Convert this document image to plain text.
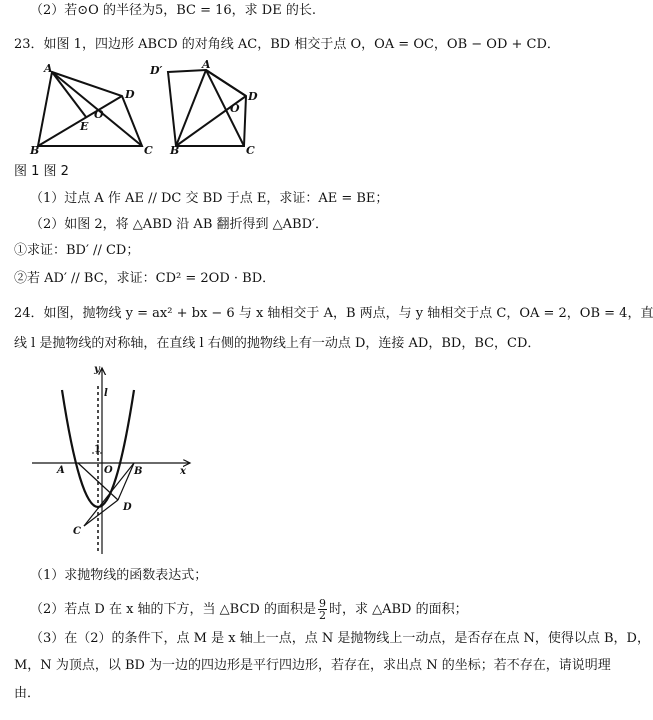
（2）若⊙O 的半径为5，BC = 16，求 DE 的长.
23．如图 1，四边形 ABCD 的对角线 AC，BD 相交于点 O，OA = OC，OB − OD + CD．
A
B	C
D
E
O
D′	A
B	C
D
O
图 1 图 2
（1）过点 A 作 AE // DC 交 BD 于点 E，求证：AE = BE；
（2）如图 2，将 △ABD 沿 AB 翻折得到 △ABD′．
①求证：BD′ // CD；
②若 AD′ // BC，求证：CD² = 2OD · BD．
24．如图，抛物线 y = ax² + bx − 6 与 x 轴相交于 A，B 两点，与 y 轴相交于点 C，OA = 2，OB = 4，直
线 l 是抛物线的对称轴，在直线 l 右侧的抛物线上有一动点 D，连接 AD，BD，BC，CD．
y
x
l
A	B
C
D
O
1
（1）求抛物线的函数表达式；
（2）若点 D 在 x 轴的下方，当 △BCD 的面积是 $\frac{9}{2}$ 时，求 △ABD 的面积；
（3）在（2）的条件下，点 M 是 x 轴上一点，点 N 是抛物线上一动点，是否存在点 N，使得以点 B，D，
M，N 为顶点，以 BD 为一边的四边形是平行四边形，若存在，求出点 N 的坐标；若不存在，请说明理
由．
